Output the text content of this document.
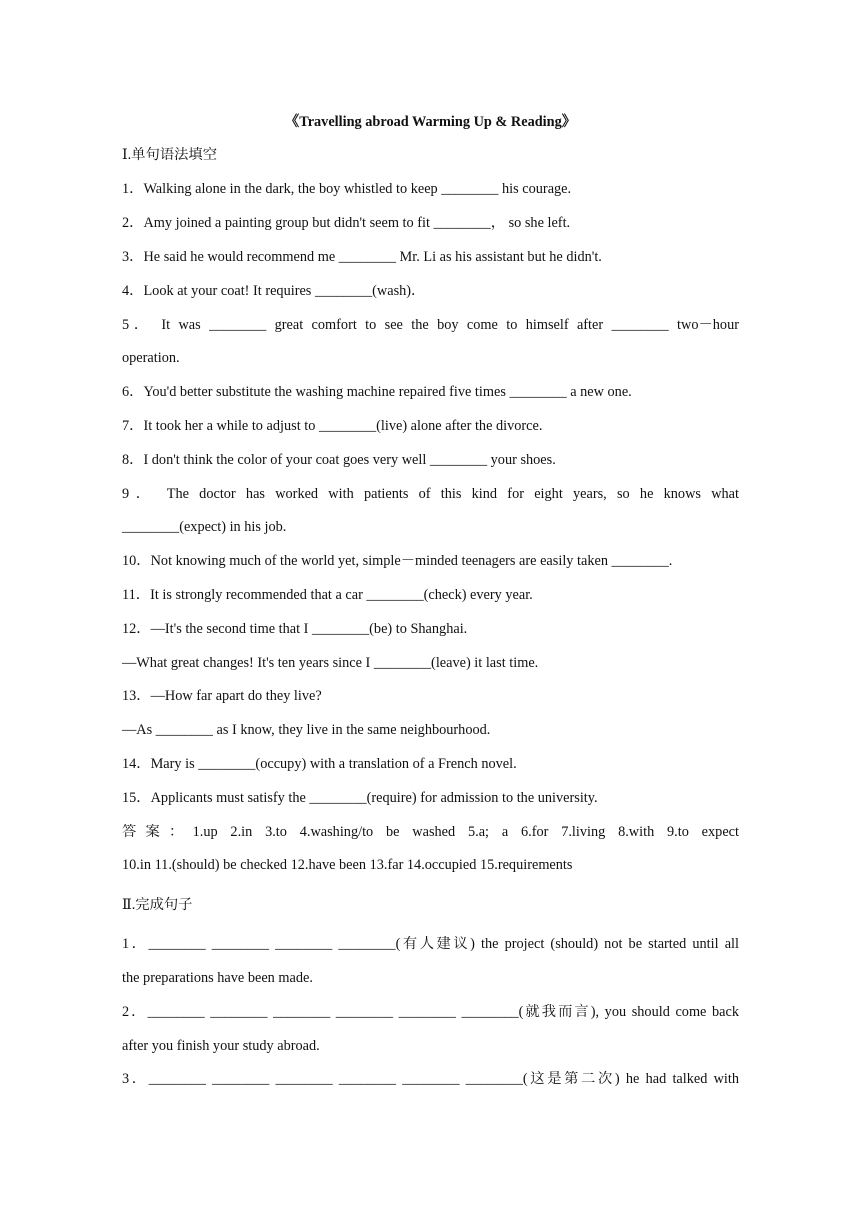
《Travelling abroad Warming Up & Reading》
Ⅰ.单句语法填空
1．Walking alone in the dark, the boy whistled to keep ________ his courage.
2．Amy joined a painting group but didn't seem to fit ________， so she left.
3．He said he would recommend me ________ Mr. Li as his assistant but he didn't.
4．Look at your coat! It requires ________(wash)．
5． It was ________ great comfort to see the boy come to himself after ________ two－hour
operation.
6．You'd better substitute the washing machine repaired five times ________ a new one.
7．It took her a while to adjust to ________(live) alone after the divorce.
8．I don't think the color of your coat goes very well ________ your shoes.
9． The doctor has worked with patients of this kind for eight years, so he knows what
________(expect) in his job.
10．Not knowing much of the world yet, simple－minded teenagers are easily taken ________.
11．It is strongly recommended that a car ________(check) every year.
12．—It's the second time that I ________(be) to Shanghai.
—What great changes! It's ten years since I ________(leave) it last time.
13．—How far apart do they live?
—As ________ as I know, they live in the same neighbourhood.
14．Mary is ________(occupy) with a translation of a French novel.
15．Applicants must satisfy the ________(require) for admission to the university.
答案：1.up 2.in 3.to 4.washing/to be washed 5.a; a 6.for 7.living 8.with 9.to expect
10.in 11.(should) be checked 12.have been 13.far 14.occupied 15.requirements
Ⅱ.完成句子
1．________ ________ ________ ________(有人建议) the project (should) not be started until all
the preparations have been made.
2．________ ________ ________ ________ ________ ________(就我而言), you should come back
after you finish your study abroad.
3．________ ________ ________ ________ ________ ________(这是第二次) he had talked with
